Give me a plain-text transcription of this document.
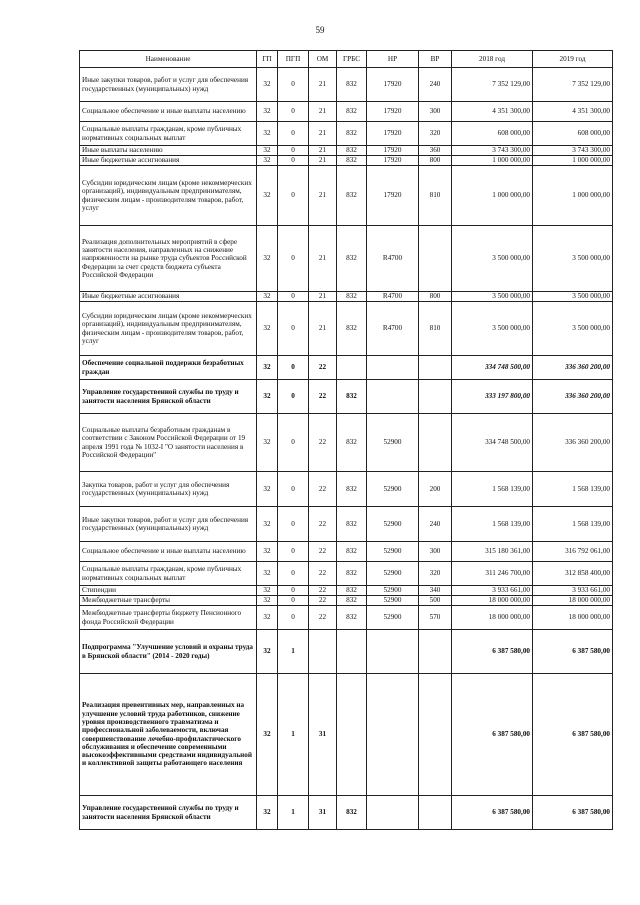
59
Наименование	ГП	ПГП	ОМ	ГРБС	НР	ВР	2018 год	2019 год
Иные закупки товаров, работ и услуг для обеспечения государственных (муниципальных) нужд	32	0	21	832	17920	240	7 352 129,00	7 352 129,00
Социальное обеспечение и иные выплаты населению	32	0	21	832	17920	300	4 351 300,00	4 351 300,00
Социальные выплаты гражданам, кроме публичных нормативных социальных выплат	32	0	21	832	17920	320	608 000,00	608 000,00
Иные выплаты населению	32	0	21	832	17920	360	3 743 300,00	3 743 300,00
Иные бюджетные ассигнования	32	0	21	832	17920	800	1 000 000,00	1 000 000,00
Субсидии юридическим лицам (кроме некоммерческих организаций), индивидуальным предпринимателям, физическим лицам - производителям товаров, работ, услуг	32	0	21	832	17920	810	1 000 000,00	1 000 000,00
Реализация дополнительных мероприятий в сфере занятости населения, направленных на снижение напряженности на рынке труда субъектов Российской Федерации за счет средств бюджета субъекта Российской Федерации	32	0	21	832	R4700		3 500 000,00	3 500 000,00
Иные бюджетные ассигнования	32	0	21	832	R4700	800	3 500 000,00	3 500 000,00
Субсидии юридическим лицам (кроме некоммерческих организаций), индивидуальным предпринимателям, физическим лицам - производителям товаров, работ, услуг	32	0	21	832	R4700	810	3 500 000,00	3 500 000,00
Обеспечение социальной поддержки безработных граждан	32	0	22				334 748 500,00	336 360 200,00
Управление государственной службы по труду и занятости населения Брянской области	32	0	22	832			333 197 800,00	336 360 200,00
Социальные выплаты безработным гражданам в соответствии с Законом Российской Федерации от 19 апреля 1991 года № 1032-I "О занятости населения в Российской Федерации"	32	0	22	832	52900		334 748 500,00	336 360 200,00
Закупка товаров, работ и услуг для обеспечения государственных (муниципальных) нужд	32	0	22	832	52900	200	1 568 139,00	1 568 139,00
Иные закупки товаров, работ и услуг для обеспечения государственных (муниципальных) нужд	32	0	22	832	52900	240	1 568 139,00	1 568 139,00
Социальное обеспечение и иные выплаты населению	32	0	22	832	52900	300	315 180 361,00	316 792 061,00
Социальные выплаты гражданам, кроме публичных нормативных социальных выплат	32	0	22	832	52900	320	311 246 700,00	312 858 400,00
Стипендии	32	0	22	832	52900	340	3 933 661,00	3 933 661,00
Межбюджетные трансферты	32	0	22	832	52900	500	18 000 000,00	18 000 000,00
Межбюджетные трансферты бюджету Пенсионного фонда Российской Федерации	32	0	22	832	52900	570	18 000 000,00	18 000 000,00
Подпрограмма "Улучшение условий и охраны труда в Брянской области" (2014 - 2020 годы)	32	1					6 387 580,00	6 387 580,00
Реализация превентивных мер, направленных на улучшение условий труда работников, снижение уровня производственного травматизма и профессиональной заболеваемости, включая совершенствование лечебно-профилактического обслуживания и обеспечение современными высокоэффективными средствами индивидуальной и коллективной защиты работающего населения	32	1	31				6 387 580,00	6 387 580,00
Управление государственной службы по труду и занятости населения Брянской области	32	1	31	832			6 387 580,00	6 387 580,00
